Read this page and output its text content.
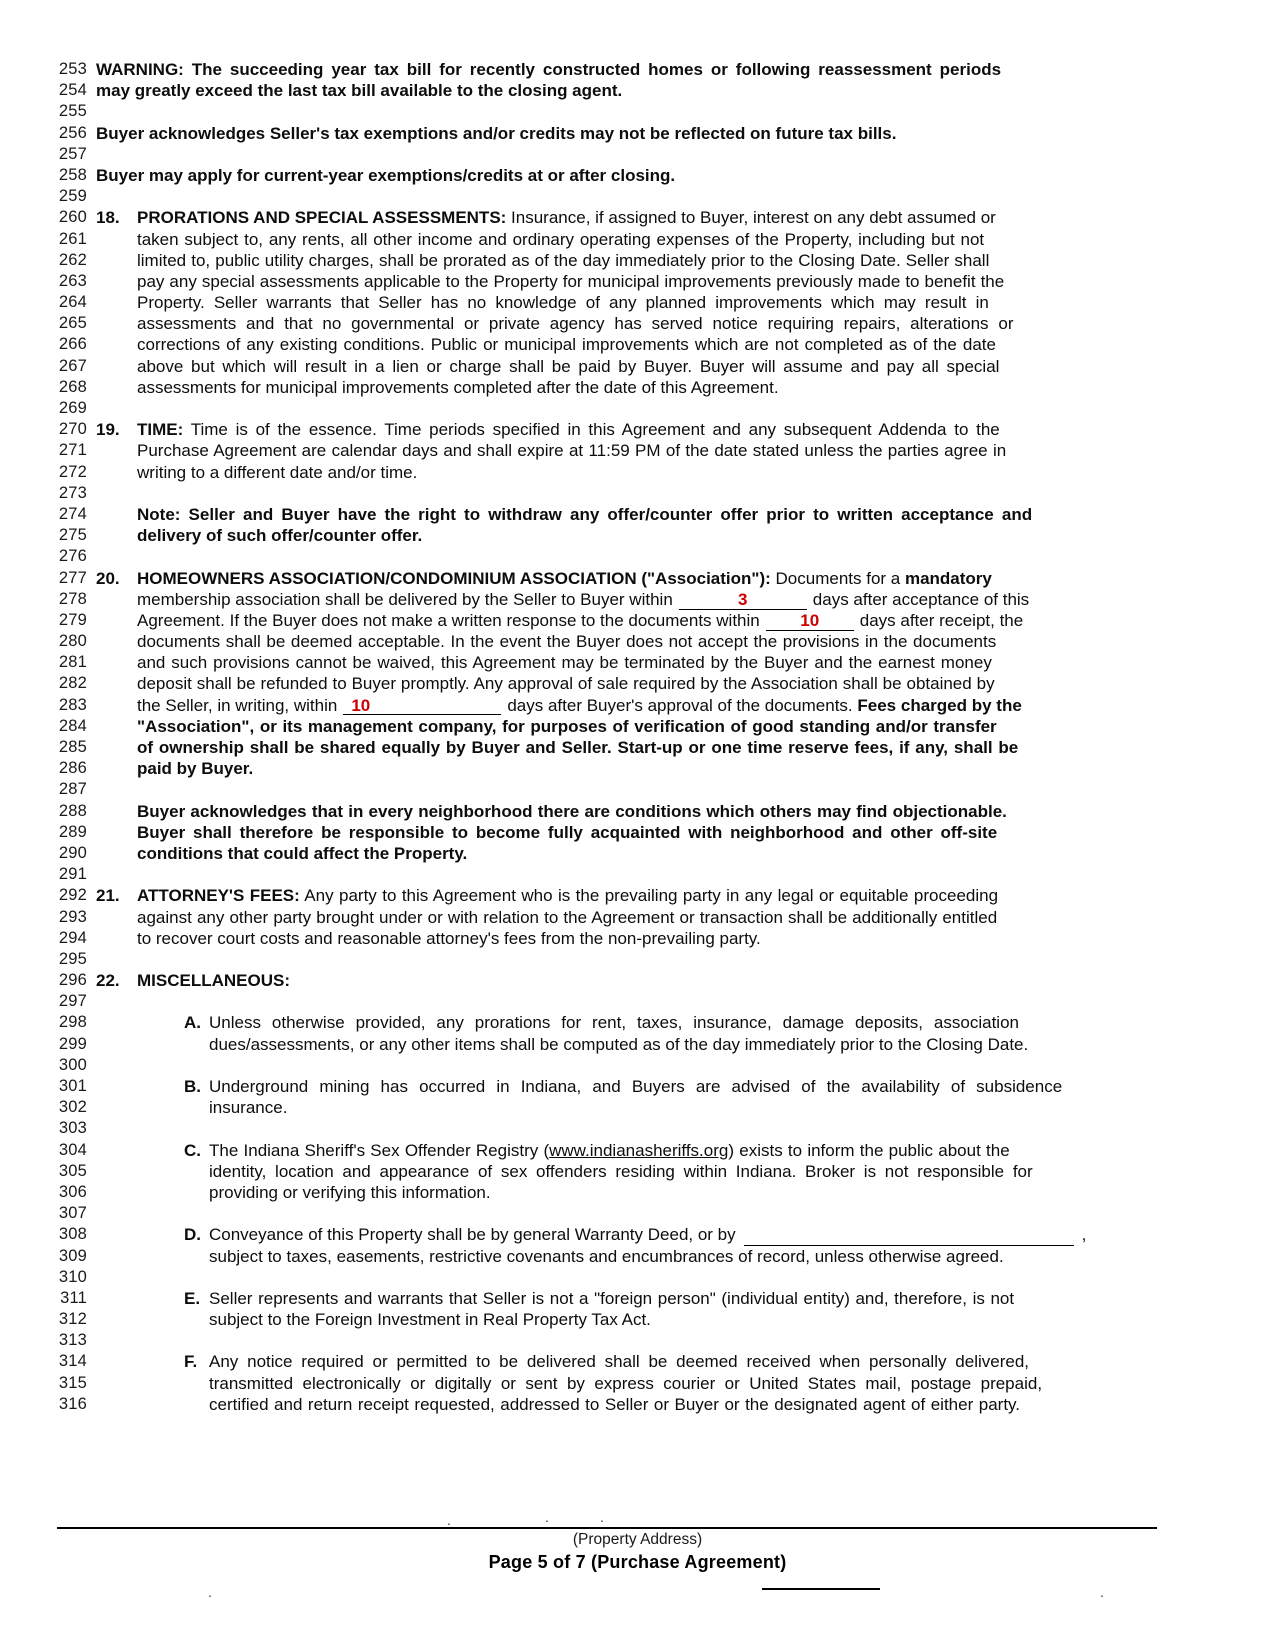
253 WARNING: The succeeding year tax bill for recently constructed homes or following reassessment periods
254 may greatly exceed the last tax bill available to the closing agent.
255
256 Buyer acknowledges Seller's tax exemptions and/or credits may not be reflected on future tax bills.
257
258 Buyer may apply for current-year exemptions/credits at or after closing.
259
260 18. PRORATIONS AND SPECIAL ASSESSMENTS: Insurance, if assigned to Buyer, interest on any debt assumed or
261	taken subject to, any rents, all other income and ordinary operating expenses of the Property, including but not
262	limited to, public utility charges, shall be prorated as of the day immediately prior to the Closing Date. Seller shall
263	pay any special assessments applicable to the Property for municipal improvements previously made to benefit the
264	Property. Seller warrants that Seller has no knowledge of any planned improvements which may result in
265	assessments and that no governmental or private agency has served notice requiring repairs, alterations or
266	corrections of any existing conditions. Public or municipal improvements which are not completed as of the date
267	above but which will result in a lien or charge shall be paid by Buyer. Buyer will assume and pay all special
268	assessments for municipal improvements completed after the date of this Agreement.
269
270 19. TIME: Time is of the essence. Time periods specified in this Agreement and any subsequent Addenda to the
271	Purchase Agreement are calendar days and shall expire at 11:59 PM of the date stated unless the parties agree in
272	writing to a different date and/or time.
273
274	Note: Seller and Buyer have the right to withdraw any offer/counter offer prior to written acceptance and
275	delivery of such offer/counter offer.
276
277 20. HOMEOWNERS ASSOCIATION/CONDOMINIUM ASSOCIATION ("Association"): Documents for a mandatory
278	membership association shall be delivered by the Seller to Buyer within	3	days after acceptance of this
279	Agreement. If the Buyer does not make a written response to the documents within 10 days after receipt, the
280	documents shall be deemed acceptable. In the event the Buyer does not accept the provisions in the documents
281	and such provisions cannot be waived, this Agreement may be terminated by the Buyer and the earnest money
282	deposit shall be refunded to Buyer promptly. Any approval of sale required by the Association shall be obtained by
283	the Seller, in writing, within 10	days after Buyer's approval of the documents. Fees charged by the
284	"Association", or its management company, for purposes of verification of good standing and/or transfer
285	of ownership shall be shared equally by Buyer and Seller. Start-up or one time reserve fees, if any, shall be
286	paid by Buyer.
287
288	Buyer acknowledges that in every neighborhood there are conditions which others may find objectionable.
289	Buyer shall therefore be responsible to become fully acquainted with neighborhood and other off-site
290	conditions that could affect the Property.
291
292 21. ATTORNEY'S FEES: Any party to this Agreement who is the prevailing party in any legal or equitable proceeding
293	against any other party brought under or with relation to the Agreement or transaction shall be additionally entitled
294	to recover court costs and reasonable attorney's fees from the non-prevailing party.
295
296 22. MISCELLANEOUS:
297
298	A. Unless otherwise provided, any prorations for rent, taxes, insurance, damage deposits, association
299	dues/assessments, or any other items shall be computed as of the day immediately prior to the Closing Date.
300
301	B. Underground mining has occurred in Indiana, and Buyers are advised of the availability of subsidence
302	insurance.
303
304	C. The Indiana Sheriff's Sex Offender Registry (www.indianasheriffs.org) exists to inform the public about the
305	identity, location and appearance of sex offenders residing within Indiana. Broker is not responsible for
306	providing or verifying this information.
307
308	D. Conveyance of this Property shall be by general Warranty Deed, or by	,
309	subject to taxes, easements, restrictive covenants and encumbrances of record, unless otherwise agreed.
310
311	E. Seller represents and warrants that Seller is not a "foreign person" (individual entity) and, therefore, is not
312	subject to the Foreign Investment in Real Property Tax Act.
313
314	F. Any notice required or permitted to be delivered shall be deemed received when personally delivered,
315	transmitted electronically or digitally or sent by express courier or United States mail, postage prepaid,
316	certified and return receipt requested, addressed to Seller or Buyer or the designated agent of either party.
.	.	.
(Property Address)
Page 5 of 7 (Purchase Agreement)
.	.
